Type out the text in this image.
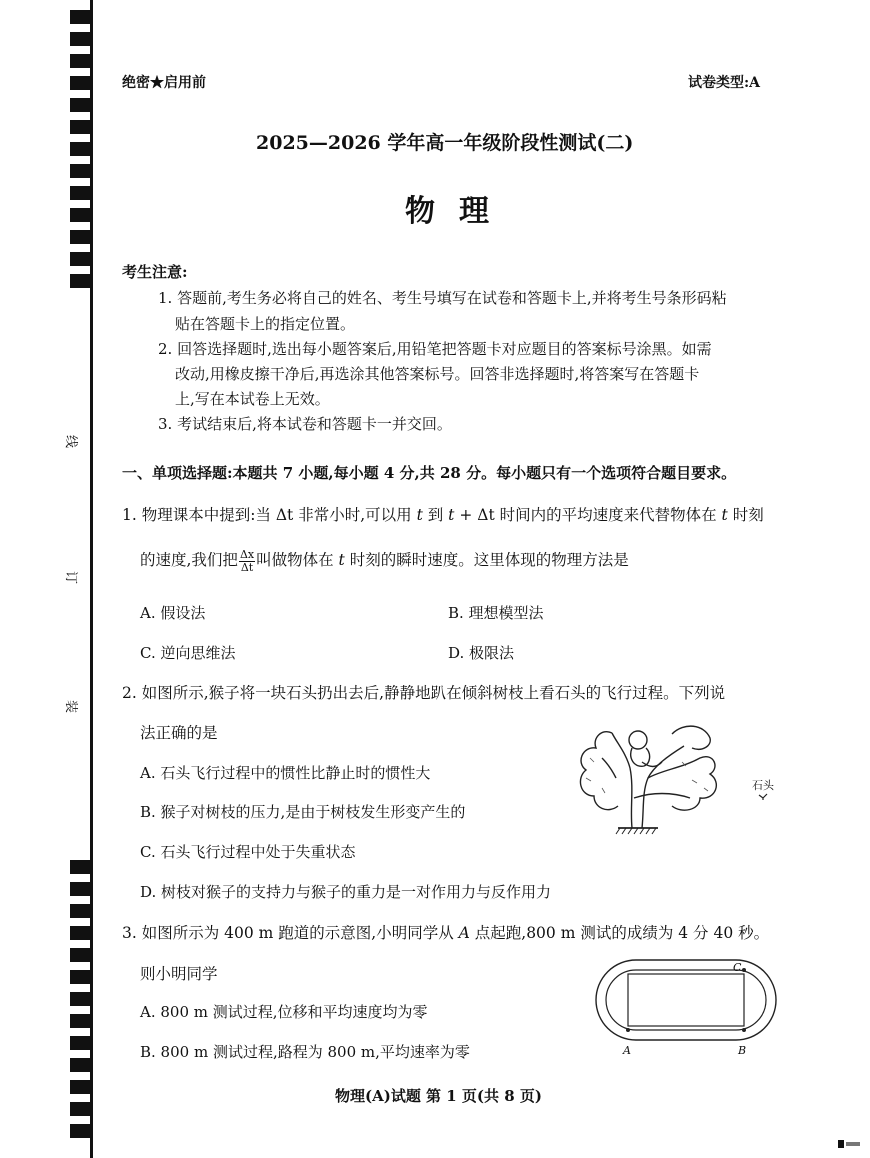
线
订
装
绝密★启用前	试卷类型:A
2025—2026 学年高一年级阶段性测试(二)
物理
考生注意:
1. 答题前,考生务必将自己的姓名、考生号填写在试卷和答题卡上,并将考生号条形码粘
贴在答题卡上的指定位置。
2. 回答选择题时,选出每小题答案后,用铅笔把答题卡对应题目的答案标号涂黑。如需
改动,用橡皮擦干净后,再选涂其他答案标号。回答非选择题时,将答案写在答题卡
上,写在本试卷上无效。
3. 考试结束后,将本试卷和答题卡一并交回。
一、单项选择题:本题共 7 小题,每小题 4 分,共 28 分。每小题只有一个选项符合题目要求。
1. 物理课本中提到:当 Δt 非常小时,可以用 t 到 t + Δt 时间内的平均速度来代替物体在 t 时刻
的速度,我们把 $\frac{\Delta x}{\Delta t}$ 叫做物体在 t 时刻的瞬时速度。这里体现的物理方法是
A. 假设法	B. 理想模型法
C. 逆向思维法	D. 极限法
2. 如图所示,猴子将一块石头扔出去后,静静地趴在倾斜树枝上看石头的飞行过程。下列说
法正确的是
A. 石头飞行过程中的惯性比静止时的惯性大
B. 猴子对树枝的压力,是由于树枝发生形变产生的
C. 石头飞行过程中处于失重状态
D. 树枝对猴子的支持力与猴子的重力是一对作用力与反作用力
石头
3. 如图所示为 400 m 跑道的示意图,小明同学从 A 点起跑,800 m 测试的成绩为 4 分 40 秒。
则小明同学
A. 800 m 测试过程,位移和平均速度均为零
B. 800 m 测试过程,路程为 800 m,平均速率为零	A	B
C
物理(A)试题 第 1 页(共 8 页)
